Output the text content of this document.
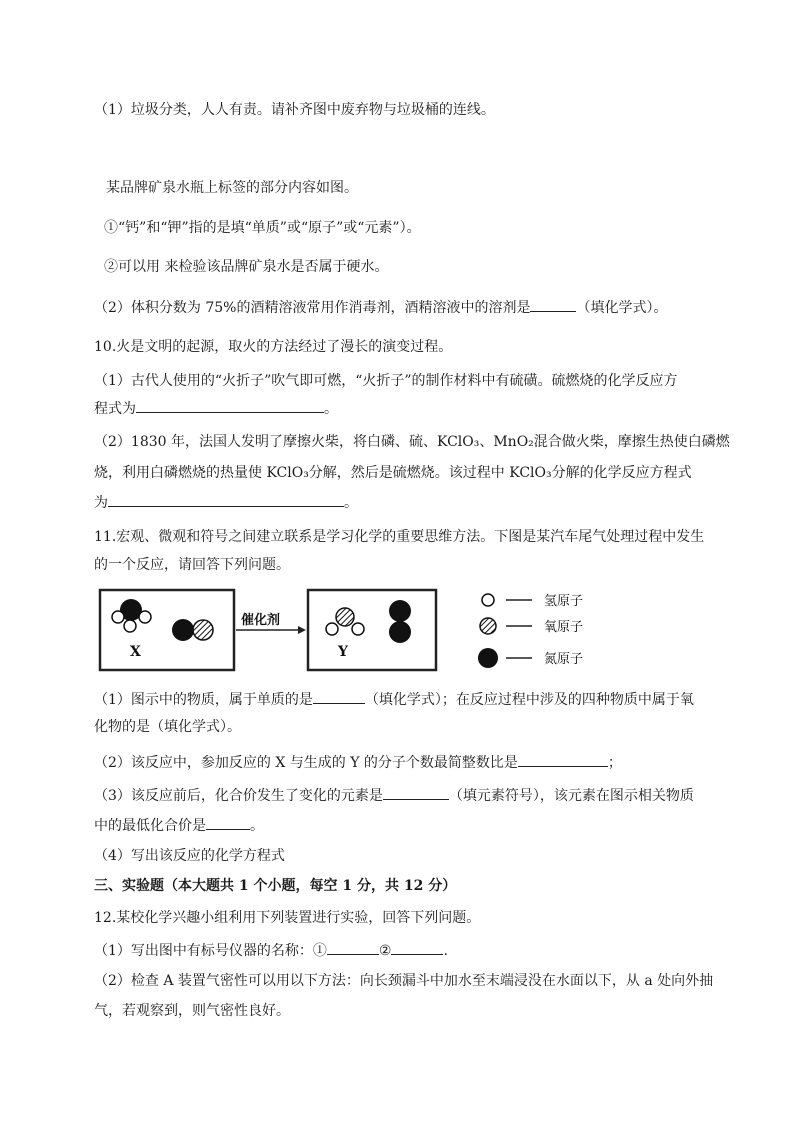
（1）垃圾分类，人人有责。请补齐图中废弃物与垃圾桶的连线。
某品牌矿泉水瓶上标签的部分内容如图。
①“钙”和“钾”指的是填“单质”或“原子”或“元素”）。
②可以用 来检验该品牌矿泉水是否属于硬水。
（2）体积分数为 75%的酒精溶液常用作消毒剂，酒精溶液中的溶剂是	（填化学式）。
10.火是文明的起源，取火的方法经过了漫长的演变过程。
（1）古代人使用的“火折子”吹气即可燃，“火折子”的制作材料中有硫磺。硫燃烧的化学反应方
程式为	。
（2）1830 年，法国人发明了摩擦火柴，将白磷、硫、KClO₃、MnO₂混合做火柴，摩擦生热使白磷燃
烧，利用白磷燃烧的热量使 KClO₃分解，然后是硫燃烧。该过程中 KClO₃分解的化学反应方程式
为	。
11.宏观、微观和符号之间建立联系是学习化学的重要思维方法。下图是某汽车尾气处理过程中发生
的一个反应，请回答下列问题。
X
催化剂
Y
氢原子
氧原子
氮原子
（1）图示中的物质，属于单质的是	（填化学式）；在反应过程中涉及的四种物质中属于氧
化物的是（填化学式）。
（2）该反应中，参加反应的 X 与生成的 Y 的分子个数最简整数比是	；
（3）该反应前后，化合价发生了变化的元素是	（填元素符号），该元素在图示相关物质
中的最低化合价是	。
（4）写出该反应的化学方程式
三、实验题（本大题共 1 个小题，每空 1 分，共 12 分）
12.某校化学兴趣小组利用下列装置进行实验，回答下列问题。
（1）写出图中有标号仪器的名称：①	②	.
（2）检查 A 装置气密性可以用以下方法：向长颈漏斗中加水至末端浸没在水面以下，从 a 处向外抽
气，若观察到，则气密性良好。
